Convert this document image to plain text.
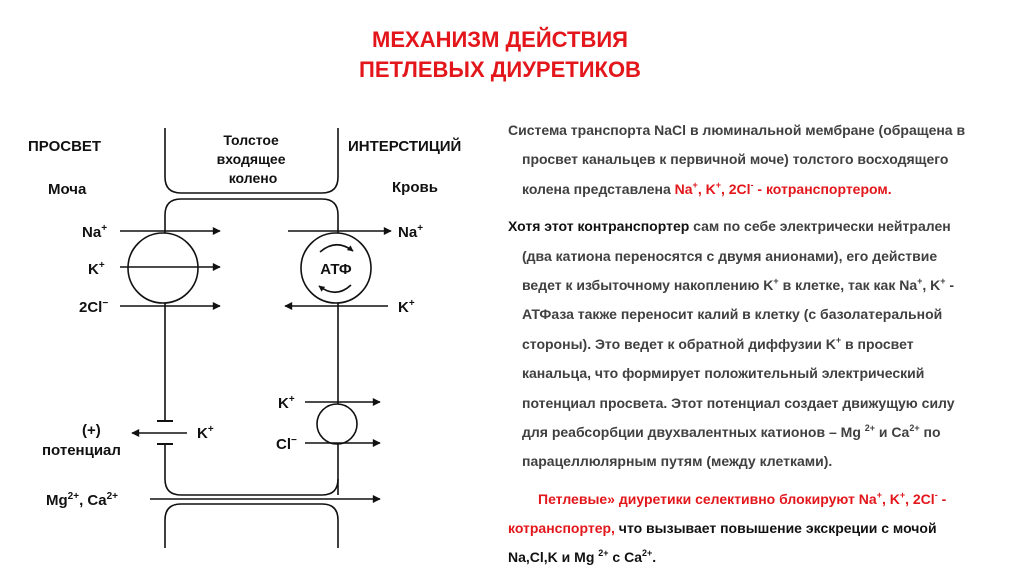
МЕХАНИЗМ ДЕЙСТВИЯ
ПЕТЛЕВЫХ ДИУРЕТИКОВ
ПРОСВЕТ	Толстое входящее колено
ИНТЕРСТИЦИЙ
Моча	Кровь
АТФ
Na+
K+
2Cl−
Na+
K+
K+
Cl−
K+
(+)
потенциал
$Mg^{2+}$, $Ca^{2+}$
Система транспорта NaCl в люминальной мембране (обращена в
просвет канальцев к первичной моче) толстого восходящего
колена представлена Na+, K+, 2Cl- - котранспортером.
Хотя этот контранспортер сам по себе электрически нейтрален
(два катиона переносятся с двумя анионами), его действие
ведет к избыточному накоплению K+ в клетке, так как Na+, K+ -
АТФаза также переносит калий в клетку (с базолатеральной
стороны). Это ведет к обратной диффузии K+ в просвет
канальца, что формирует положительный электрический
потенциал просвета. Этот потенциал создает движущую силу
для реабсорбции двухвалентных катионов – Mg $^{2+}$ и $Ca^{2+}$ по
парацеллюлярным путям (между клетками).
Петлевые» диуретики селективно блокируют Na+, K+, 2Cl- -
котранспортер, что вызывает повышение экскреции с мочой
Na,Cl,K и Mg $^{2+}$ с $Ca^{2+}$.
